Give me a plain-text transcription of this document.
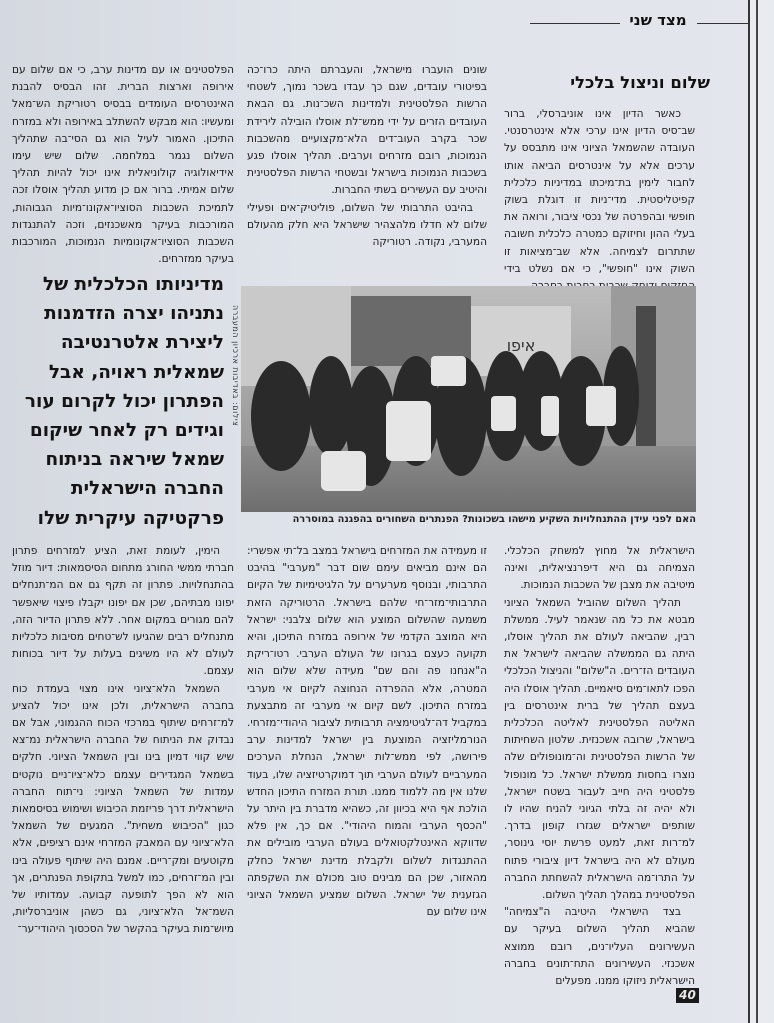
מצד שני
שלום וניצול בלכלי

כאשר הדיון אינו אוניברסלי, ברור שב־סיס הדיון אינו ערכי אלא אינטרסנטי. העובדה שהשמאל הציוני אינו מתבסס על ערכים אלא על אינטרסים הביאה אותו לחבור לימין בת־מיכתו במדיניות כלכלית קפיטליסטית. מדי־ניות זו דוגלת בשוק חופשי ובהפרטה של נכסי ציבור, ורואה את בעלי ההון וחיזוקם כמטרה כלכלית חשובה שתתרום לצמיחה. אלא שב־מציאות זו השוק אינו "חופשי", כי אם נשלט בידי

שונים הועברו מישראל, והעברתם היתה כרו־כה בפיטורי עובדים, שגם כך עבדו בשכר נמוך, לשטחי הרשות הפלסטינית ולמדינות השכ־נות. גם הבאת העובדים הזרים על ידי ממש־לת אוסלו הובילה לירידת שכר בקרב העוב־דים הלא־מקצועיים מהשכבות הנמוכות, רובם מזרחים וערבים. תהליך אוסלו פגע בשכבות הנמוכות בישראל ובשטחי הרשות הפלסטינית והיטיב עם העשירים בשתי החברות.

בהיבט התרבותי של השלום, פוליטיק־אים ופעילי שלום לא חדלו מלהצהיר שישראל היא חלק מהעולם המערבי, נקודה. רטוריקה

הפלסטינים או עם מדינות ערב, כי אם שלום עם אירופה וארצות הברית. זהו הבסיס להבנת האינטרסים העומדים בבסיס רטוריקת הש־מאל ומעשיו: הוא מבקש להשתלב באירופה ולא במזרח התיכון. האמור לעיל הוא גם הסי־בה שתהליך השלום נגמר במלחמה. שלום שיש עימו אידיאולוגיה קולוניאלית אינו יכול להיות תהליך שלום אמיתי. ברור אם כן מדוע תהליך אוסלו זכה לתמיכת השכבות הסוציו־אקונו־מיות הגבוהות, המורכבות בעיקר מאשכנזים, וזכה להתנגדות השכבות הסוציו־אקונומיות הנמוכות, המורכבות בעיקר ממזרחים.

מדיניותו הכלכלית של נתניהו יצרה הזדמנות ליצירת אלטרנטיבה שמאלית ראויה, אבל הפתרון יכול לקרום עור וגידים רק לאחר שיקום שמאל שיראה בניתוח החברה הישראלית פרקטיקה עיקרית שלו
צילום: באדיבות ארכיון המעברה	איפו
האם לפני עידן ההתנחלויות השקיע מישהו בשכונות? הפנתרים השחורים בהפגנה במוסררה

הישראלית אל מחוץ למשחק הכלכלי. הצמיחה גם היא דיפרנציאלית, ואינה מיטיבה את מצבן של השכבות הנמוכות.

תהליך השלום שהוביל השמאל הציוני מבטא את כל מה שנאמר לעיל. ממשלת רבין, שהביאה לעולם את תהליך אוסלו, היתה גם הממשלה שהביאה לישראל את העובדים הז־רים. ה"שלום" והניצול הכלכלי הפכו לתאו־מים סיאמיים. תהליך אוסלו היה בעצם תהליך של ברית אינטרסים בין האליטה הפלסטינית לאליטה הכלכלית בישראל, שרובה אשכנזית. שלטון השחיתות של הרשות הפלסטינית וה־מונופולים שלה נוצרו בחסות ממשלת ישראל. כל מונופול פלסטיני היה חייב לעבור בשטח ישראל, ולא יהיה זה בלתי הגיוני להניח שהיו לו שותפים ישראלים שגזרו קופון בדרך. למ־רות זאת, למעט פרשת יוסי גינוסר, מעולם לא היה בישראל דיון ציבורי פתוח על התרו־מה הישראלית להשחתת החברה הפלסטינית במהלך תהליך השלום.

בצד הישראלי היטיבה ה"צמיחה" שהביא תהליך השלום בעיקר עם העשירונים העליו־נים, רובם ממוצא אשכנזי. העשירונים התח־תונים בחברה הישראלית ניזוקו ממנו. מפעלים

זו מעמידה את המזרחים בישראל במצב בל־תי אפשרי: הם אינם מביאים עימם שום דבר "מערבי" בהיבט התרבותי, ובנוסף מערערים על הלגיטימיות של הקיום התרבותי־מזר־חי שלהם בישראל. הרטוריקה הזאת משמעה שהשלום המוצע הוא שלום צלבני: ישראל היא המוצב הקדמי של אירופה במזרח התיכון, והיא תקועה כעצם בגרונו של העולם הערבי. רטו־ריקת ה"אנחנו פה והם שם" מעידה שלא שלום הוא המטרה, אלא ההפרדה הנחוצה לקיום אי מערבי במזרח התיכון. לשם קיום אי מערבי זה מתבצעת במקביל דה־לגיטימציה תרבותית לציבור היהודי־מזרחי. הנורמליזציה המוצעת בין ישראל למדינות ערב פירושה, לפי ממש־לות ישראל, הנחלת הערכים המערביים לעולם הערבי תוך דמוקרטיזציה שלו, בעוד שלנו אין מה ללמוד ממנו. תורת המזרח התיכון החדש הולכת אף היא בכיוון זה, כשהיא מדברת בין היתר על "הכסף הערבי והמוח היהודי". אם כך, אין פלא שדווקא האינטלקטואלים בעולם הערבי מובילים את ההתנגדות לשלום ולקבלת מדינת ישראל כחלק מהאזור, שכן הם מבינים טוב מכולם את השקפתה הגזענית של ישראל. השלום שמציע השמאל הציוני אינו שלום עם

הימין, לעומת זאת, הציע למזרחים פתרון חברתי ממשי החורג מתחום הסיסמאות: דיור מוזל בהתנחלויות. פתרון זה תקף גם אם המ־תנחלים יפונו מבתיהם, שכן אם יפונו יקבלו פיצוי שיאפשר להם מגורים במקום אחר. ללא פתרון הדיור הזה, מתנחלים רבים שהגיעו לש־טחים מסיבות כלכליות לעולם לא היו משיגים בעלות על דיור בכוחות עצמם.

השמאל הלא־ציוני אינו מצוי בעמדת כוח בחברה הישראלית, ולכן אינו יכול להציע למ־זרחים שיתוף במרכזי הכוח ההגמוני, אבל אם נבדוק את הניתוח של החברה הישראלית נמ־צא שיש קווי דמיון בינו ובין השמאל הציוני. חלקים בשמאל המגדירים עצמם כלא־ציו־ניים נוקטים עמדות של השמאל הציוני: ני־תוח החברה הישראלית דרך פריזמת הכיבוש ושימוש בסיסמאות כגון "הכיבוש משחית". המגעים של השמאל הלא־ציוני עם המאבק המזרחי אינם רציפים, אלא מקוטעים ומק־ריים. אמנם היה שיתוף פעולה בינו ובין המ־זרחים, כמו למשל בתקופת הפנתרים, אך הוא לא הפך לתופעה קבועה. עמדותיו של השמ־אל הלא־ציוני, גם כשהן אוניברסליות, מיוש־מות בעיקר בהקשר של הסכסוך היהודי־ער־

40
